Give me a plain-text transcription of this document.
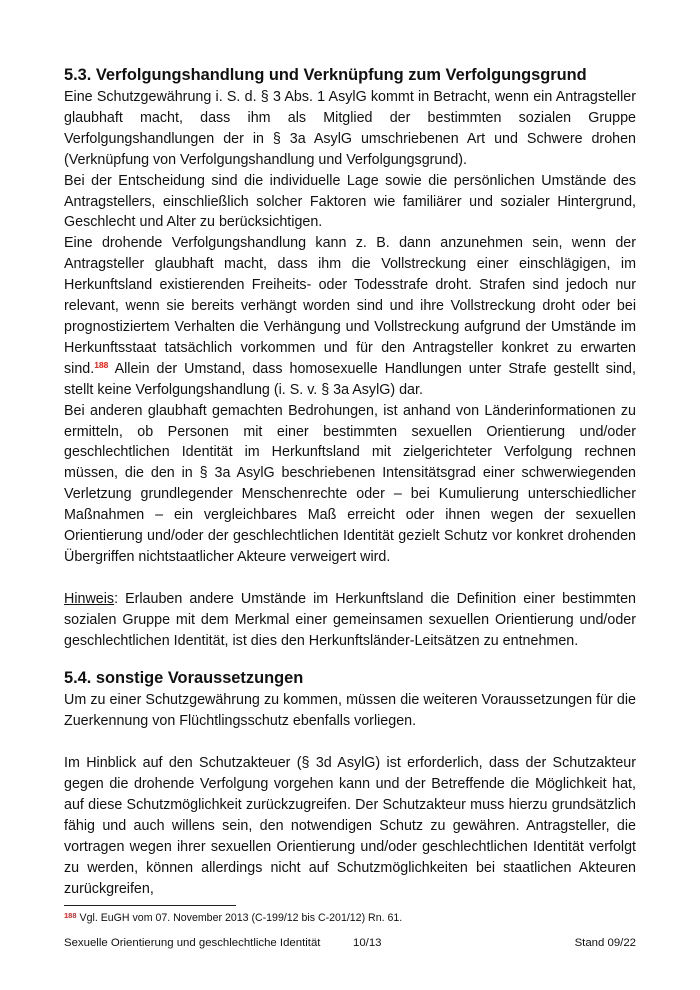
5.3. Verfolgungshandlung und Verknüpfung zum Verfolgungsgrund

Eine Schutzgewährung i. S. d. § 3 Abs. 1 AsylG kommt in Betracht, wenn ein Antragsteller glaubhaft macht, dass ihm als Mitglied der bestimmten sozialen Gruppe Verfolgungshandlungen der in § 3a AsylG umschriebenen Art und Schwere drohen (Verknüpfung von Verfolgungshandlung und Verfolgungsgrund).

Bei der Entscheidung sind die individuelle Lage sowie die persönlichen Umstände des Antragstellers, einschließlich solcher Faktoren wie familiärer und sozialer Hintergrund, Geschlecht und Alter zu berücksichtigen.

Eine drohende Verfolgungshandlung kann z. B. dann anzunehmen sein, wenn der Antragsteller glaubhaft macht, dass ihm die Vollstreckung einer einschlägigen, im Herkunftsland existierenden Freiheits- oder Todesstrafe droht. Strafen sind jedoch nur relevant, wenn sie bereits verhängt worden sind und ihre Vollstreckung droht oder bei prognostiziertem Verhalten die Verhängung und Vollstreckung aufgrund der Umstände im Herkunftsstaat tatsächlich vorkommen und für den Antragsteller konkret zu erwarten sind.$^{188}$ Allein der Umstand, dass homosexuelle Handlungen unter Strafe gestellt sind, stellt keine Verfolgungshandlung (i. S. v. § 3a AsylG) dar.

Bei anderen glaubhaft gemachten Bedrohungen, ist anhand von Länderinformationen zu ermitteln, ob Personen mit einer bestimmten sexuellen Orientierung und/oder geschlechtlichen Identität im Herkunftsland mit zielgerichteter Verfolgung rechnen müssen, die den in § 3a AsylG beschriebenen Intensitätsgrad einer schwerwiegenden Verletzung grundlegender Menschenrechte oder – bei Kumulierung unterschiedlicher Maßnahmen – ein vergleichbares Maß erreicht oder ihnen wegen der sexuellen Orientierung und/oder der geschlechtlichen Identität gezielt Schutz vor konkret drohenden Übergriffen nichtstaatlicher Akteure verweigert wird.

Hinweis: Erlauben andere Umstände im Herkunftsland die Definition einer bestimmten sozialen Gruppe mit dem Merkmal einer gemeinsamen sexuellen Orientierung und/oder geschlechtlichen Identität, ist dies den Herkunftsländer-Leitsätzen zu entnehmen.

5.4. sonstige Voraussetzungen

Um zu einer Schutzgewährung zu kommen, müssen die weiteren Voraussetzungen für die Zuerkennung von Flüchtlingsschutz ebenfalls vorliegen.

Im Hinblick auf den Schutzakteuer (§ 3d AsylG) ist erforderlich, dass der Schutzakteur gegen die drohende Verfolgung vorgehen kann und der Betreffende die Möglichkeit hat, auf diese Schutzmöglichkeit zurückzugreifen. Der Schutzakteur muss hierzu grundsätzlich fähig und auch willens sein, den notwendigen Schutz zu gewähren. Antragsteller, die vortragen wegen ihrer sexuellen Orientierung und/oder geschlechtlichen Identität verfolgt zu werden, können allerdings nicht auf Schutzmöglichkeiten bei staatlichen Akteuren zurückgreifen,

$^{188}$ Vgl. EuGH vom 07. November 2013 (C-199/12 bis C-201/12) Rn. 61.
Sexuelle Orientierung und geschlechtliche Identität	10/13	Stand 09/22
